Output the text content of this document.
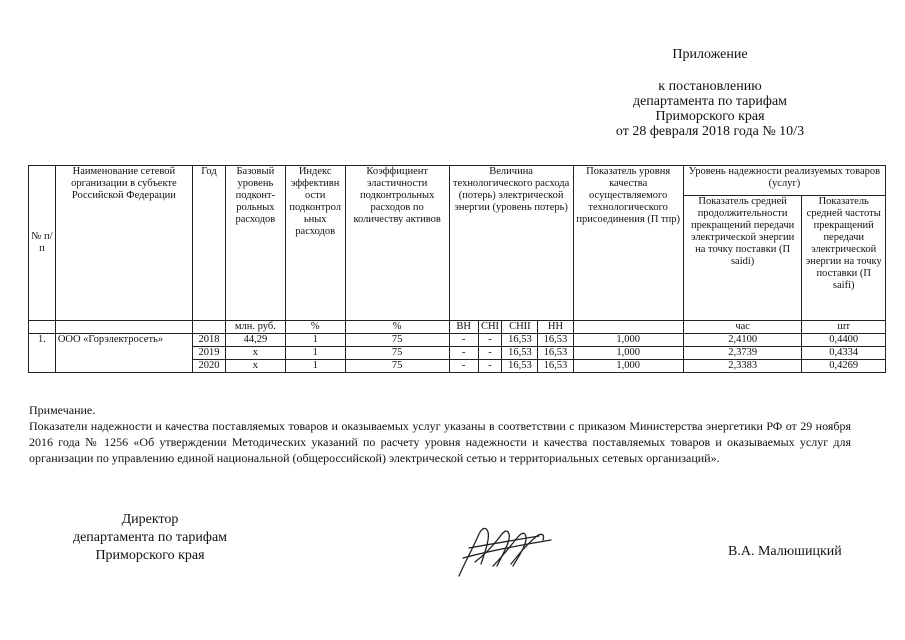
Приложение
к постановлению
департамента по тарифам
Приморского края
от 28 февраля 2018 года № 10/3
№ п/п	Наименование сетевой организации в субъекте Российской Федерации	Год	Базовый уровень подконт-рольных расходов	Индекс эффективн ости подконтрол ьных расходов	Коэффициент эластичности подконтрольных расходов по количеству активов	Величина технологического расхода (потерь) электрической энергии (уровень потерь)				Показатель уровня качества осуществляемого технологического присоединения (П тпр)	Уровень надежности реализуемых товаров (услуг)	
											Показатель средней продолжительности прекращений передачи электрической энергии на точку поставки (П saidi)	Показатель средней частоты прекращений передачи электрической энергии на точку поставки (П saifi)
			млн. руб.	%	%	ВН	СНI	СНII	НН		час	шт
1.	ООО «Горэлектросеть»	2018	44,29	1	75	-	-	16,53	16,53	1,000	2,4100	0,4400
		2019	х	1	75	-	-	16,53	16,53	1,000	2,3739	0,4334
		2020	х	1	75	-	-	16,53	16,53	1,000	2,3383	0,4269

Примечание.

Показатели надежности и качества поставляемых товаров и оказываемых услуг указаны в соответствии с приказом Министерства энергетики РФ от 29 ноября 2016 года № 1256 «Об утверждении Методических указаний по расчету уровня надежности и качества поставляемых товаров и оказываемых услуг для организации по управлению единой национальной (общероссийской) электрической сетью и территориальных сетевых организаций».

Директор
департамента по тарифам
Приморского края	В.А. Малюшицкий
